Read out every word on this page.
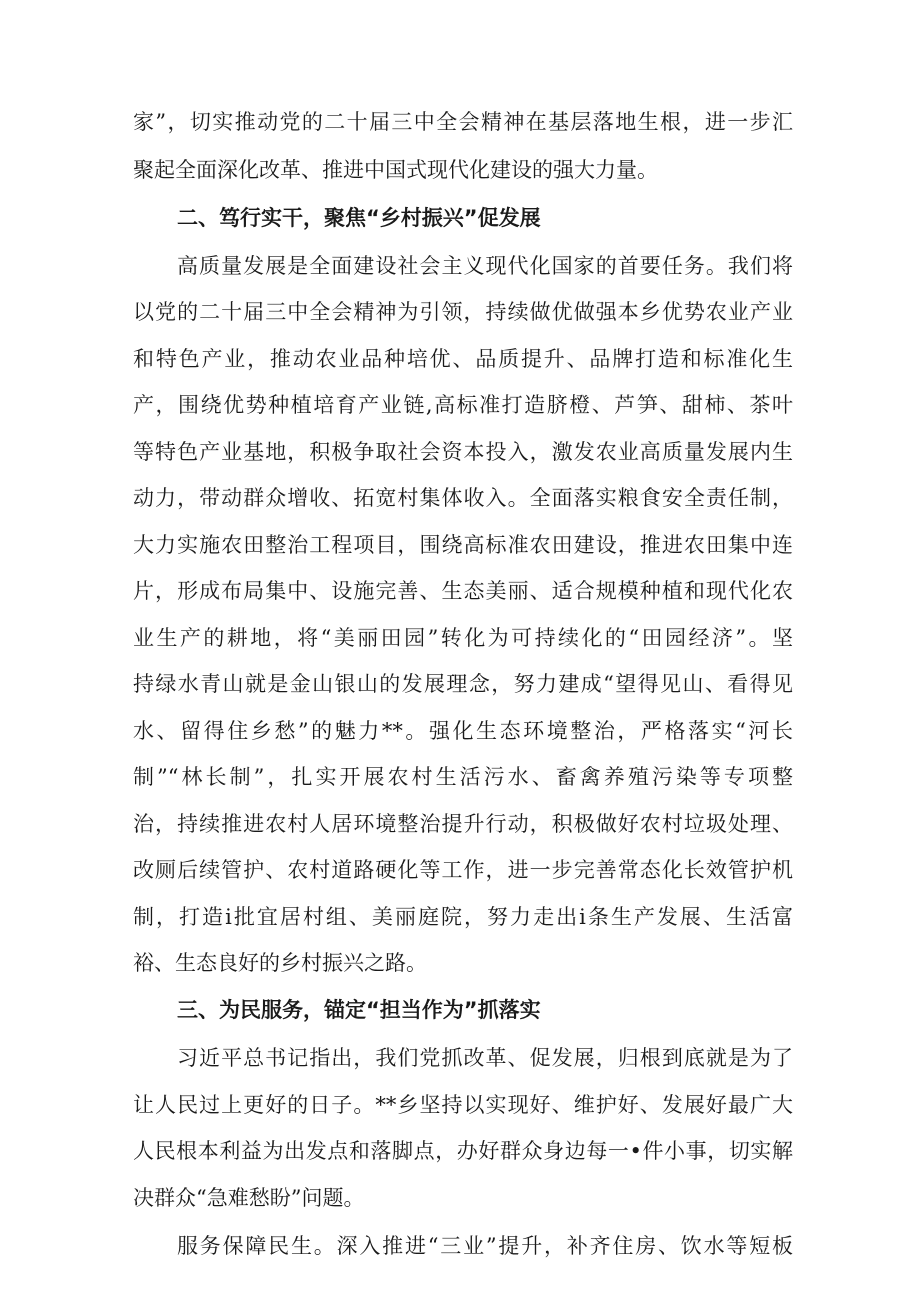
家”，切实推动党的二十届三中全会精神在基层落地生根，进一步汇
聚起全面深化改革、推进中国式现代化建设的强大力量。
二、笃行实干，聚焦“乡村振兴”促发展
高质量发展是全面建设社会主义现代化国家的首要任务。我们将
以党的二十届三中全会精神为引领，持续做优做强本乡优势农业产业
和特色产业，推动农业品种培优、品质提升、品牌打造和标准化生
产，围绕优势种植培育产业链,高标准打造脐橙、芦笋、甜柿、茶叶
等特色产业基地，积极争取社会资本投入，激发农业高质量发展内生
动力，带动群众增收、拓宽村集体收入。全面落实粮食安全责任制，
大力实施农田整治工程项目，围绕高标准农田建设，推进农田集中连
片，形成布局集中、设施完善、生态美丽、适合规模种植和现代化农
业生产的耕地，将“美丽田园”转化为可持续化的“田园经济”。坚
持绿水青山就是金山银山的发展理念，努力建成“望得见山、看得见
水、留得住乡愁”的魅力**。强化生态环境整治，严格落实“河长
制”“林长制”，扎实开展农村生活污水、畜禽养殖污染等专项整
治，持续推进农村人居环境整治提升行动，积极做好农村垃圾处理、
改厕后续管护、农村道路硬化等工作，进一步完善常态化长效管护机
制，打造i批宜居村组、美丽庭院，努力走出i条生产发展、生活富
裕、生态良好的乡村振兴之路。
三、为民服务，锚定“担当作为”抓落实
习近平总书记指出，我们党抓改革、促发展，归根到底就是为了
让人民过上更好的日子。**乡坚持以实现好、维护好、发展好最广大
人民根本利益为出发点和落脚点，办好群众身边每一•件小事，切实解
决群众“急难愁盼”问题。
服务保障民生。深入推进“三业”提升，补齐住房、饮水等短板
